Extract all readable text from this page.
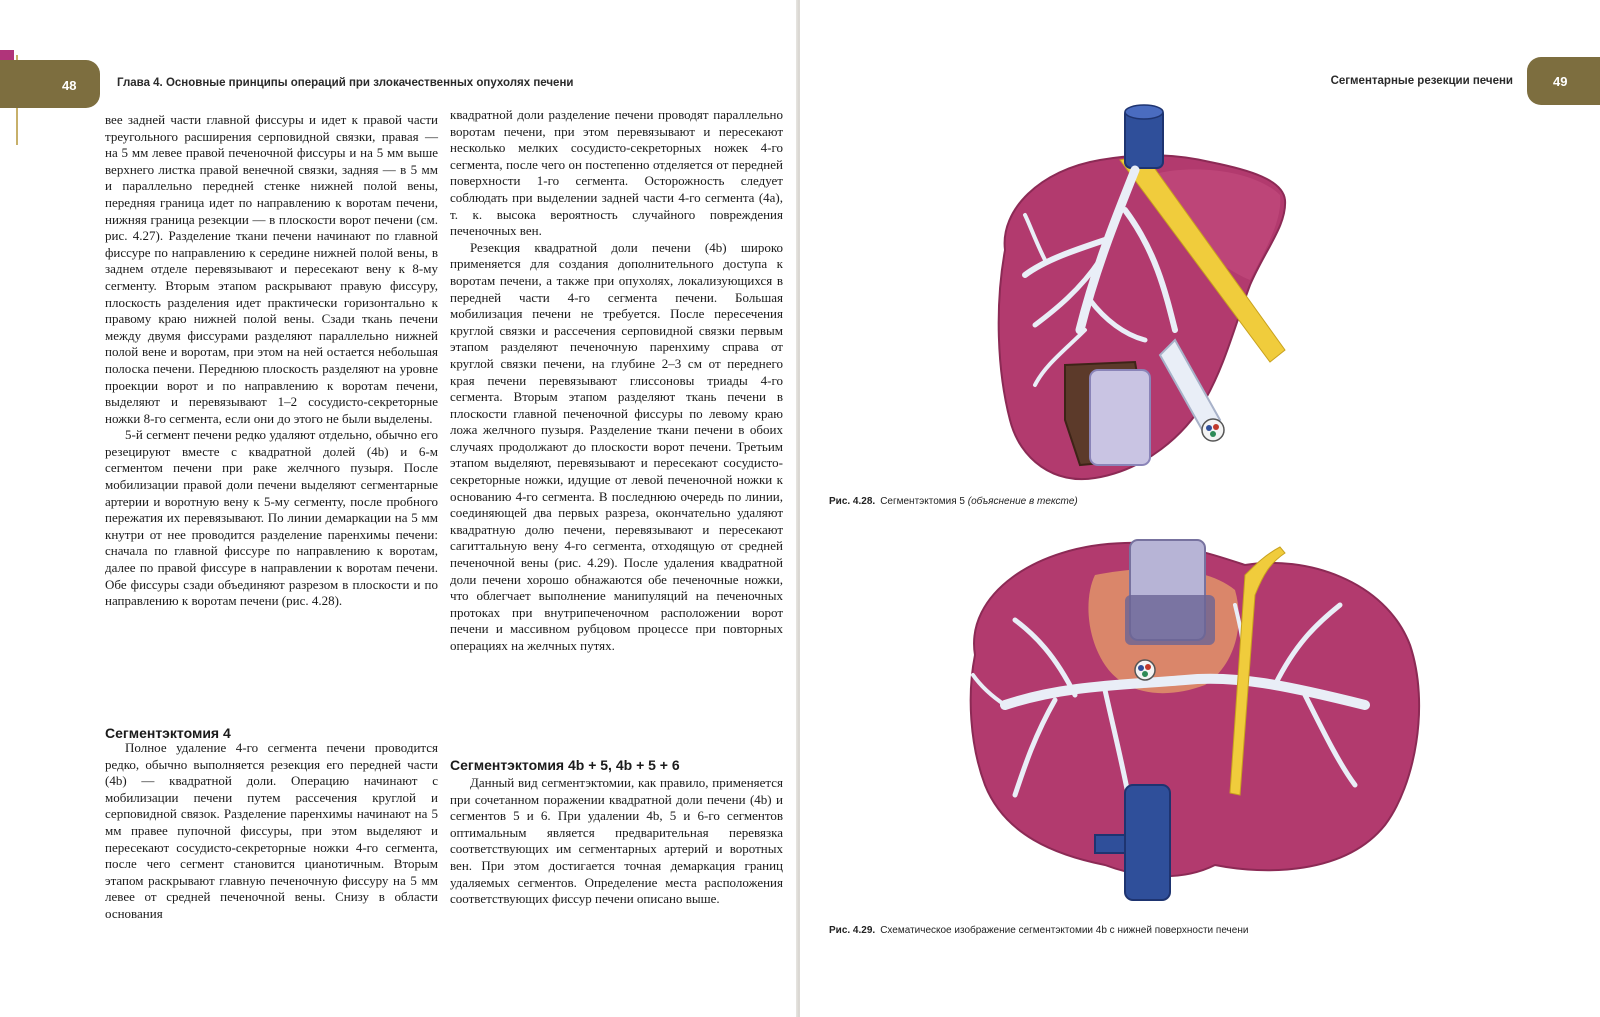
48	Глава 4. Основные принципы операций при злокачественных опухолях печени

вее задней части главной фиссуры и идет к правой части треугольного расширения серповидной связки, правая — на 5 мм левее правой печеночной фиссуры и на 5 мм выше верхнего листка правой венечной связки, задняя — в 5 мм и параллельно передней стенке нижней полой вены, передняя граница идет по направлению к воротам печени, нижняя граница резекции — в плоскости ворот печени (см. рис. 4.27). Разделение ткани печени начинают по главной фиссуре по направлению к середине нижней полой вены, в заднем отделе перевязывают и пересекают вену к 8-му сегменту. Вторым этапом раскрывают правую фиссуру, плоскость разделения идет практически горизонтально к правому краю нижней полой вены. Сзади ткань печени между двумя фиссурами разделяют параллельно нижней полой вене и воротам, при этом на ней остается небольшая полоска печени. Переднюю плоскость разделяют на уровне проекции ворот и по направлению к воротам печени, выделяют и перевязывают 1–2 сосудисто-секреторные ножки 8-го сегмента, если они до этого не были выделены.

5-й сегмент печени редко удаляют отдельно, обычно его резецируют вместе с квадратной долей (4b) и 6-м сегментом печени при раке желчного пузыря. После мобилизации правой доли печени выделяют сегментарные артерии и воротную вену к 5-му сегменту, после пробного пережатия их перевязывают. По линии демаркации на 5 мм кнутри от нее проводится разделение паренхимы печени: сначала по главной фиссуре по направлению к воротам, далее по правой фиссуре в направлении к воротам печени. Обе фиссуры сзади объединяют разрезом в плоскости и по направлению к воротам печени (рис. 4.28).

Сегментэктомия 4

Полное удаление 4-го сегмента печени проводится редко, обычно выполняется резекция его передней части (4b) — квадратной доли. Операцию начинают с мобилизации печени путем рассечения круглой и серповидной связок. Разделение паренхимы начинают на 5 мм правее пупочной фиссуры, при этом выделяют и пересекают сосудисто-секреторные ножки 4-го сегмента, после чего сегмент становится цианотичным. Вторым этапом раскрывают главную печеночную фиссуру на 5 мм левее от средней печеночной вены. Снизу в области основания

квадратной доли разделение печени проводят параллельно воротам печени, при этом перевязывают и пересекают несколько мелких сосудисто-секреторных ножек 4-го сегмента, после чего он постепенно отделяется от передней поверхности 1-го сегмента. Осторожность следует соблюдать при выделении задней части 4-го сегмента (4а), т. к. высока вероятность случайного повреждения печеночных вен.

Резекция квадратной доли печени (4b) широко применяется для создания дополнительного доступа к воротам печени, а также при опухолях, локализующихся в передней части 4-го сегмента печени. Большая мобилизация печени не требуется. После пересечения круглой связки и рассечения серповидной связки первым этапом разделяют печеночную паренхиму справа от круглой связки печени, на глубине 2–3 см от переднего края печени перевязывают глиссоновы триады 4-го сегмента. Вторым этапом разделяют ткань печени в плоскости главной печеночной фиссуры по левому краю ложа желчного пузыря. Разделение ткани печени в обоих случаях продолжают до плоскости ворот печени. Третьим этапом выделяют, перевязывают и пересекают сосудисто-секреторные ножки, идущие от левой печеночной ножки к основанию 4-го сегмента. В последнюю очередь по линии, соединяющей два первых разреза, окончательно удаляют квадратную долю печени, перевязывают и пересекают сагиттальную вену 4-го сегмента, отходящую от средней печеночной вены (рис. 4.29). После удаления квадратной доли печени хорошо обнажаются обе печеночные ножки, что облегчает выполнение манипуляций на печеночных протоках при внутрипеченочном расположении ворот печени и массивном рубцовом процессе при повторных операциях на желчных путях.

Сегментэктомия 4b + 5, 4b + 5 + 6

Данный вид сегментэктомии, как правило, применяется при сочетанном поражении квадратной доли печени (4b) и сегментов 5 и 6. При удалении 4b, 5 и 6-го сегментов оптимальным является предварительная перевязка соответствующих им сегментарных артерий и воротных вен. При этом достигается точная демаркация границ удаляемых сегментов. Определение места расположения соответствующих фиссур печени описано выше.

Сегментарные резекции печени	49
Рис. 4.28. Сегментэктомия 5 (объяснение в тексте)
Рис. 4.29. Схематическое изображение сегментэктомии 4b с нижней поверхности печени
